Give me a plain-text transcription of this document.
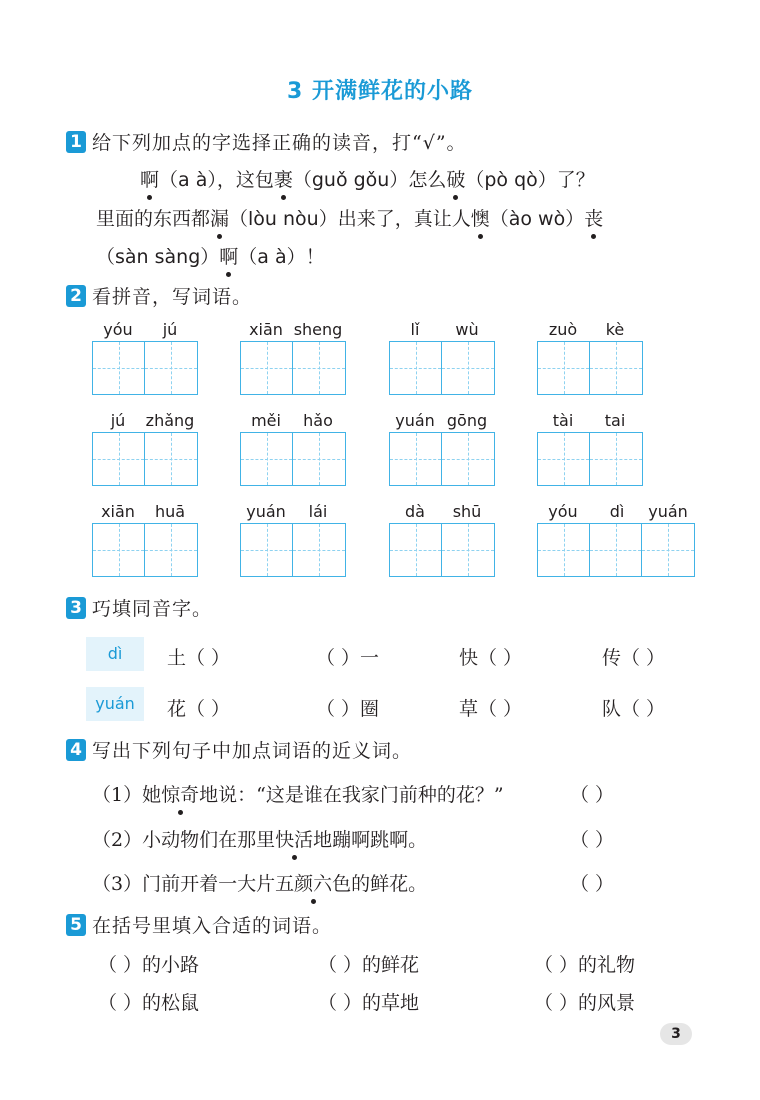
3 开满鲜花的小路
1 给下列加点的字选择正确的读音，打“√”。
啊（a à），这包裹（guǒ gǒu）怎么破（pò qò）了？
里面的东西都漏（lòu nòu）出来了，真让人懊（ào wò）丧
（sàn sàng）啊（a à）！
2 看拼音，写词语。
yóu jú	xiān sheng	lǐ wù	zuò kè
jú zhǎng	měi hǎo	yuán gōng	tài tai
xiān huā	yuán lái	dà shū	yóu dì yuán
3 巧填同音字。
dì	土（ ）	（ ）一	快（ ）	传（ ）
yuán	花（ ）	（ ）圈	草（ ）	队（ ）
4 写出下列句子中加点词语的近义词。
（1）她惊奇地说：“这是谁在我家门前种的花？”	（ ）
（2）小动物们在那里快活地蹦啊跳啊。	（ ）
（3）门前开着一大片五颜六色的鲜花。	（ ）
5 在括号里填入合适的词语。
（ ）的小路	（ ）的鲜花	（ ）的礼物
（ ）的松鼠	（ ）的草地	（ ）的风景
3
